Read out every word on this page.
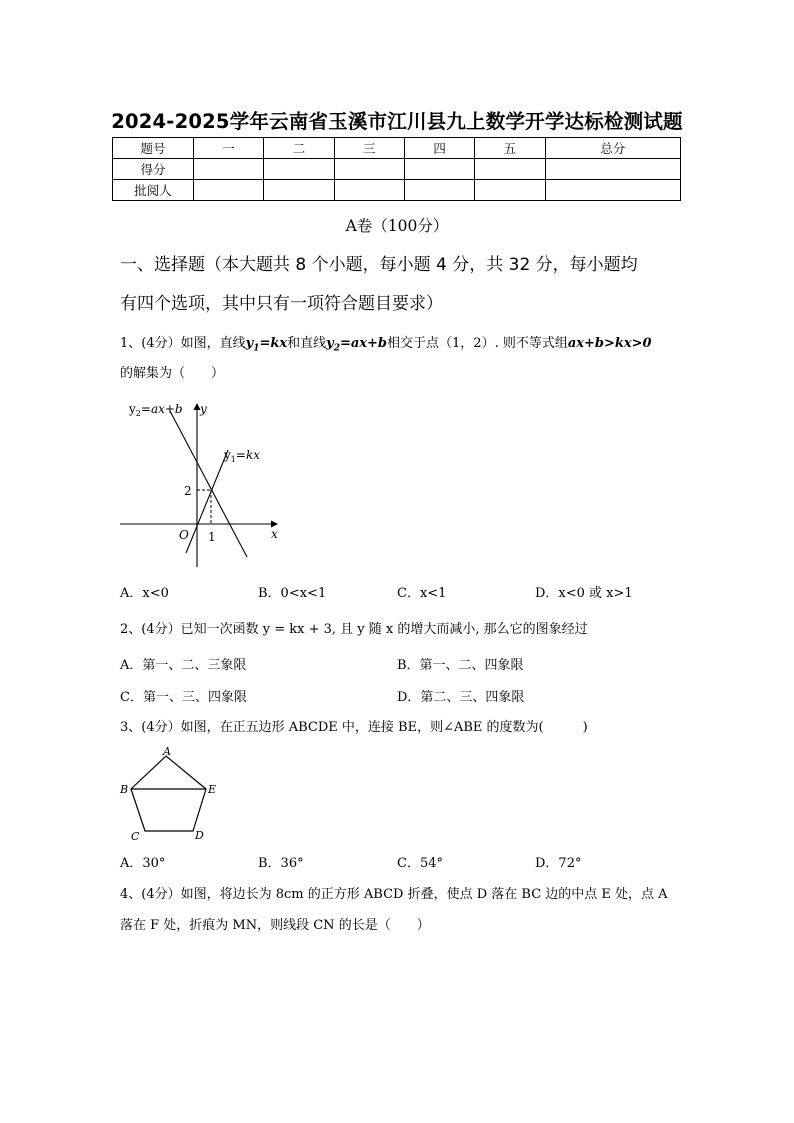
2024-2025学年云南省玉溪市江川县九上数学开学达标检测试题
题号	一	二	三	四	五	总分
得分						
批阅人						
A卷（100分）
一、选择题（本大题共 8 个小题，每小题 4 分，共 32 分，每小题均
有四个选项，其中只有一项符合题目要求）
1、(4分）如图，直线$y_1=kx$和直线$y_2=ax+b$相交于点（1，2）. 则不等式组ax+b>kx>0
的解集为（　　）
$y_2=ax+b$
$y_1=kx$
y
x
O 1
2
A．x<0	B．0<x<1	C．x<1	D．x<0 或 x>1
2、(4分）已知一次函数 y = kx + 3, 且 y 随 x 的增大而减小, 那么它的图象经过
A．第一、二、三象限	B．第一、二、四象限
C．第一、三、四象限	D．第二、三、四象限
3、(4分）如图，在正五边形 ABCDE 中，连接 BE，则∠ABE 的度数为(　　　)
A
B
C	D
E
A．30°	B．36°	C．54°	D．72°
4、(4分）如图，将边长为 8cm 的正方形 ABCD 折叠，使点 D 落在 BC 边的中点 E 处，点 A
落在 F 处，折痕为 MN，则线段 CN 的长是（　　）
